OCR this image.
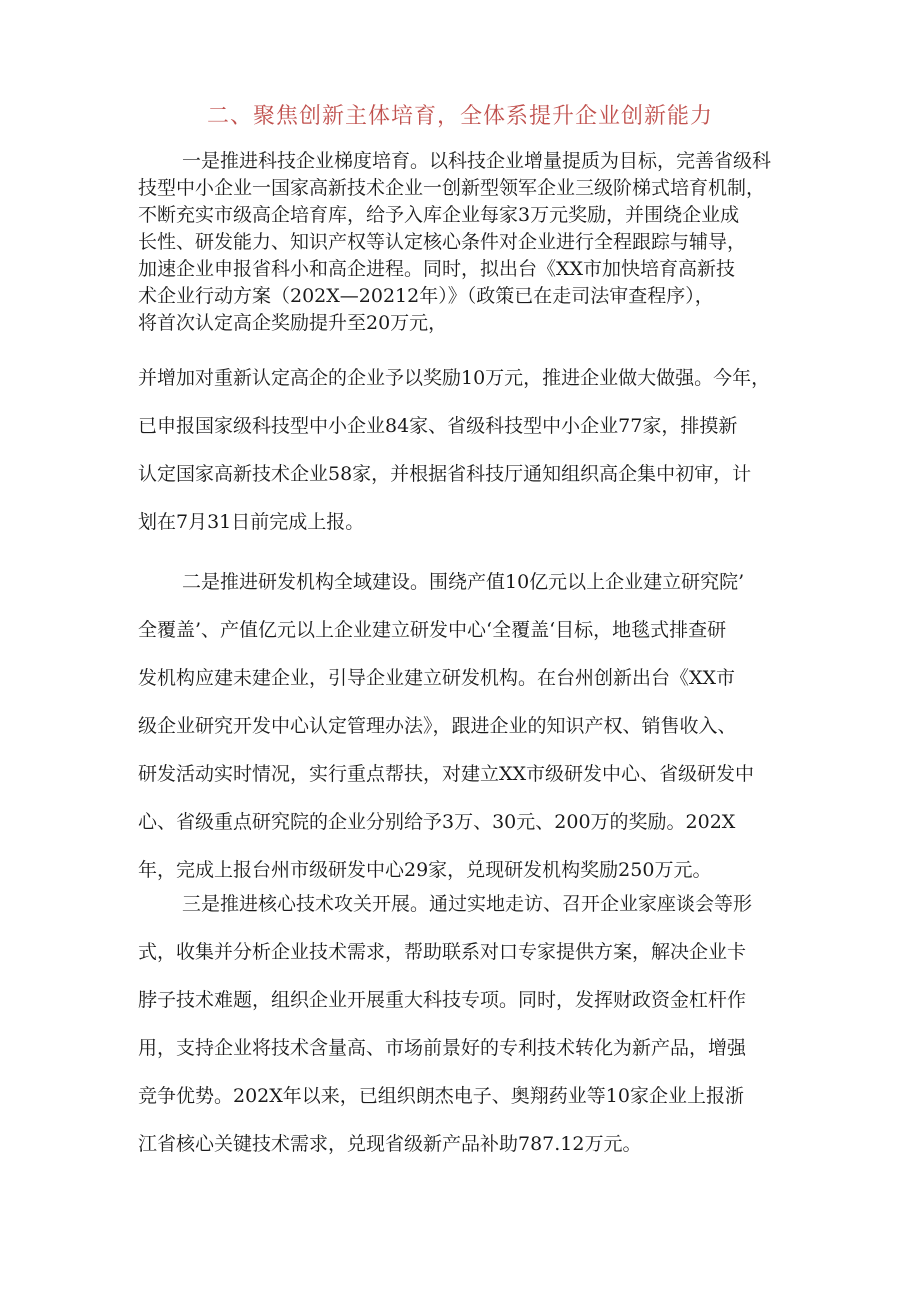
二、聚焦创新主体培育，全体系提升企业创新能力

一是推进科技企业梯度培育。以科技企业增量提质为目标，完善省级科
技型中小企业一国家高新技术企业一创新型领军企业三级阶梯式培育机制，
不断充实市级高企培育库，给予入库企业每家3万元奖励，并围绕企业成
长性、研发能力、知识产权等认定核心条件对企业进行全程跟踪与辅导，
加速企业申报省科小和高企进程。同时，拟出台《XX市加快培育高新技
术企业行动方案（202X—20212年）》（政策已在走司法审查程序），
将首次认定高企奖励提升至20万元，

并增加对重新认定高企的企业予以奖励10万元，推进企业做大做强。今年，
已申报国家级科技型中小企业84家、省级科技型中小企业77家，排摸新
认定国家高新技术企业58家，并根据省科技厅通知组织高企集中初审，计
划在7月31日前完成上报。

二是推进研发机构全域建设。围绕产值10亿元以上企业建立研究院’
全覆盖’、产值亿元以上企业建立研发中心‘全覆盖‘目标，地毯式排查研
发机构应建未建企业，引导企业建立研发机构。在台州创新出台《XX市
级企业研究开发中心认定管理办法》，跟进企业的知识产权、销售收入、
研发活动实时情况，实行重点帮扶，对建立XX市级研发中心、省级研发中
心、省级重点研究院的企业分别给予3万、30元、200万的奖励。202X
年，完成上报台州市级研发中心29家，兑现研发机构奖励250万元。

三是推进核心技术攻关开展。通过实地走访、召开企业家座谈会等形
式，收集并分析企业技术需求，帮助联系对口专家提供方案，解决企业卡
脖子技术难题，组织企业开展重大科技专项。同时，发挥财政资金杠杆作
用，支持企业将技术含量高、市场前景好的专利技术转化为新产品，增强
竞争优势。202X年以来，已组织朗杰电子、奥翔药业等10家企业上报浙
江省核心关键技术需求，兑现省级新产品补助787.12万元。
